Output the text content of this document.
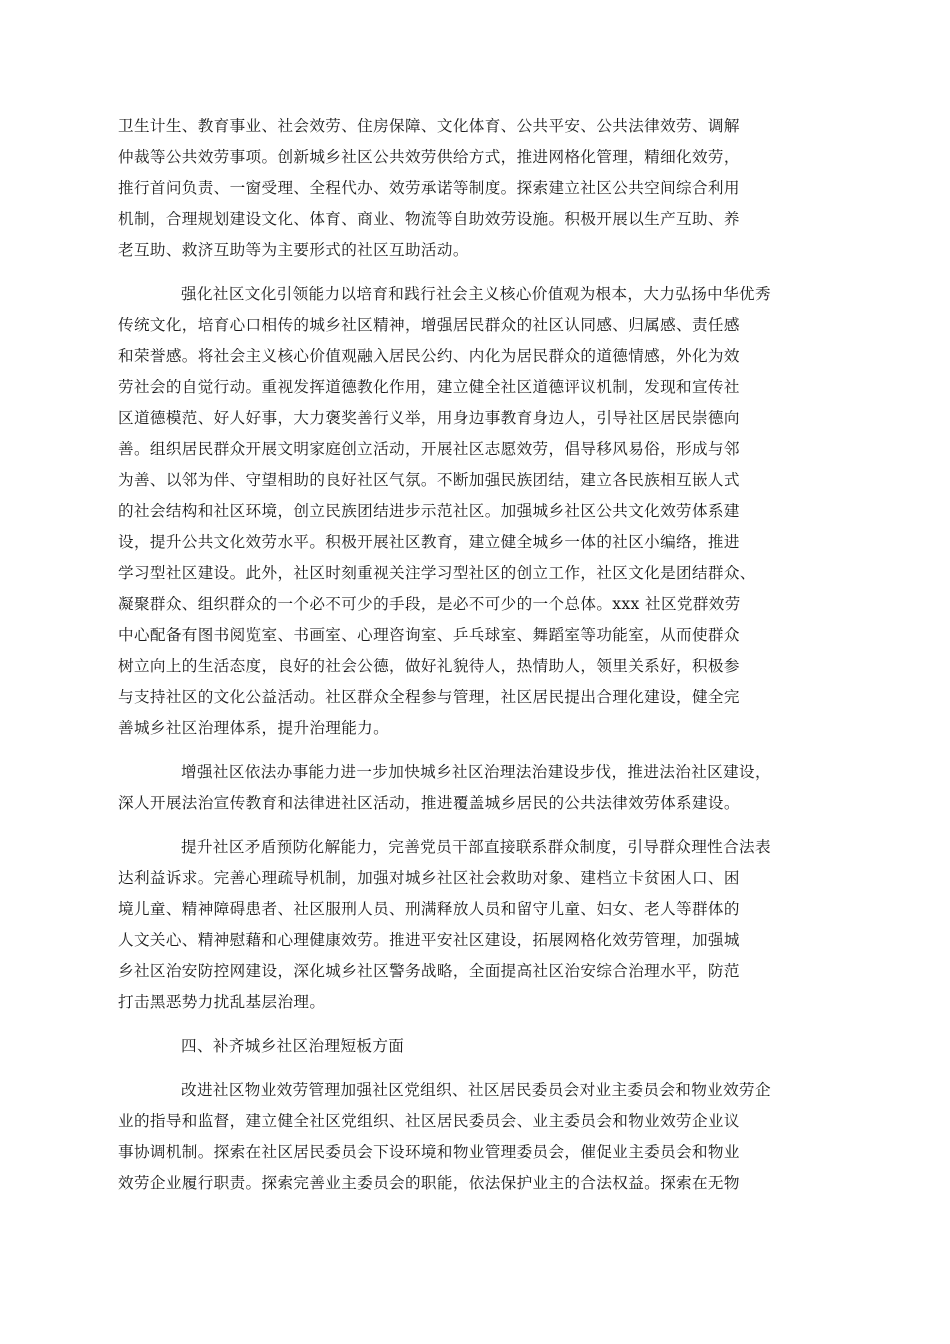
卫生计生、教育事业、社会效劳、住房保障、文化体育、公共平安、公共法律效劳、调解
仲裁等公共效劳事项。创新城乡社区公共效劳供给方式，推进网格化管理，精细化效劳，
推行首问负责、一窗受理、全程代办、效劳承诺等制度。探索建立社区公共空间综合利用
机制，合理规划建设文化、体育、商业、物流等自助效劳设施。积极开展以生产互助、养
老互助、救济互助等为主要形式的社区互助活动。
强化社区文化引领能力以培育和践行社会主义核心价值观为根本，大力弘扬中华优秀
传统文化，培育心口相传的城乡社区精神，增强居民群众的社区认同感、归属感、责任感
和荣誉感。将社会主义核心价值观融入居民公约、内化为居民群众的道德情感，外化为效
劳社会的自觉行动。重视发挥道德教化作用，建立健全社区道德评议机制，发现和宣传社
区道德模范、好人好事，大力褒奖善行义举，用身边事教育身边人，引导社区居民崇德向
善。组织居民群众开展文明家庭创立活动，开展社区志愿效劳，倡导移风易俗，形成与邻
为善、以邻为伴、守望相助的良好社区气氛。不断加强民族团结，建立各民族相互嵌人式
的社会结构和社区环境，创立民族团结进步示范社区。加强城乡社区公共文化效劳体系建
设，提升公共文化效劳水平。积极开展社区教育，建立健全城乡一体的社区小编络，推进
学习型社区建设。此外，社区时刻重视关注学习型社区的创立工作，社区文化是团结群众、
凝聚群众、组织群众的一个必不可少的手段，是必不可少的一个总体。xxx 社区党群效劳
中心配备有图书阅览室、书画室、心理咨询室、乒乓球室、舞蹈室等功能室，从而使群众
树立向上的生活态度，良好的社会公德，做好礼貌待人，热情助人，领里关系好，积极参
与支持社区的文化公益活动。社区群众全程参与管理，社区居民提出合理化建设，健全完
善城乡社区治理体系，提升治理能力。
增强社区依法办事能力进一步加快城乡社区治理法治建设步伐，推进法治社区建设，
深人开展法治宣传教育和法律进社区活动，推进覆盖城乡居民的公共法律效劳体系建设。
提升社区矛盾预防化解能力，完善党员干部直接联系群众制度，引导群众理性合法表
达利益诉求。完善心理疏导机制，加强对城乡社区社会救助对象、建档立卡贫困人口、困
境儿童、精神障碍患者、社区服刑人员、刑满释放人员和留守儿童、妇女、老人等群体的
人文关心、精神慰藉和心理健康效劳。推进平安社区建设，拓展网格化效劳管理，加强城
乡社区治安防控网建设，深化城乡社区警务战略，全面提高社区治安综合治理水平，防范
打击黑恶势力扰乱基层治理。
四、补齐城乡社区治理短板方面
改进社区物业效劳管理加强社区党组织、社区居民委员会对业主委员会和物业效劳企
业的指导和监督，建立健全社区党组织、社区居民委员会、业主委员会和物业效劳企业议
事协调机制。探索在社区居民委员会下设环境和物业管理委员会，催促业主委员会和物业
效劳企业履行职责。探索完善业主委员会的职能，依法保护业主的合法权益。探索在无物
